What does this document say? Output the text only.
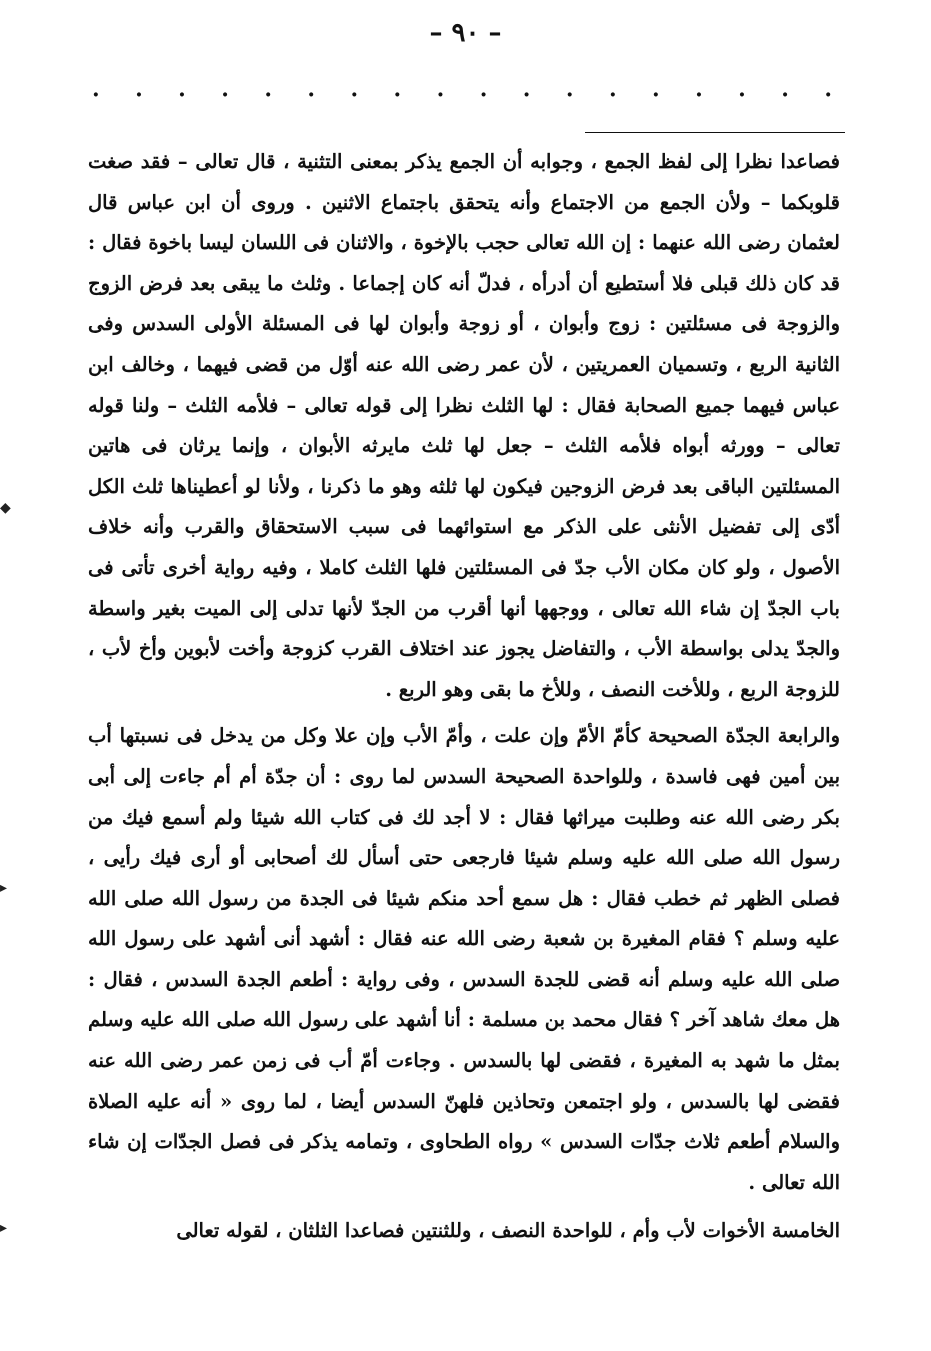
– ٩٠ –
· · · · · · · · · · · · · · · · · ·

فصاعدا نظرا إلى لفظ الجمع ، وجوابه أن الجمع يذكر بمعنى التثنية ، قال تعالى – فقد صغت قلوبكما – ولأن الجمع من الاجتماع وأنه يتحقق باجتماع الاثنين . وروى أن ابن عباس قال لعثمان رضى الله عنهما : إن الله تعالى حجب بالإخوة ، والاثنان فى اللسان ليسا باخوة فقال : قد كان ذلك قبلى فلا أستطيع أن أدرأه ، فدلّ أنه كان إجماعا . وثلث ما يبقى بعد فرض الزوج والزوجة فى مسئلتين : زوج وأبوان ، أو زوجة وأبوان لها فى المسئلة الأولى السدس وفى الثانية الربع ، وتسميان العمريتين ، لأن عمر رضى الله عنه أوّل من قضى فيهما ، وخالف ابن عباس فيهما جميع الصحابة فقال : لها الثلث نظرا إلى قوله تعالى – فلأمه الثلث – ولنا قوله تعالى – وورثه أبواه فلأمه الثلث – جعل لها ثلث مايرثه الأبوان ، وإنما يرثان فى هاتين المسئلتين الباقى بعد فرض الزوجين فيكون لها ثلثه وهو ما ذكرنا ، ولأنا لو أعطيناها ثلث الكل أدّى إلى تفضيل الأنثى على الذكر مع استوائهما فى سبب الاستحقاق والقرب وأنه خلاف الأصول ، ولو كان مكان الأب جدّ فى المسئلتين فلها الثلث كاملا ، وفيه رواية أخرى تأتى فى باب الجدّ إن شاء الله تعالى ، ووجهها أنها أقرب من الجدّ لأنها تدلى إلى الميت بغير واسطة والجدّ يدلى بواسطة الأب ، والتفاضل يجوز عند اختلاف القرب كزوجة وأخت لأبوين وأخ لأب ، للزوجة الربع ، وللأخت النصف ، وللأخ ما بقى وهو الربع .

والرابعة الجدّة الصحيحة كأمّ الأمّ وإن علت ، وأمّ الأب وإن علا وكل من يدخل فى نسبتها أب بين أمين فهى فاسدة ، وللواحدة الصحيحة السدس لما روى : أن جدّة أم أم جاءت إلى أبى بكر رضى الله عنه وطلبت ميراثها فقال : لا أجد لك فى كتاب الله شيئا ولم أسمع فيك من رسول الله صلى الله عليه وسلم شيئا فارجعى حتى أسأل لك أصحابى أو أرى فيك رأيى ، فصلى الظهر ثم خطب فقال : هل سمع أحد منكم شيئا فى الجدة من رسول الله صلى الله عليه وسلم ؟ فقام المغيرة بن شعبة رضى الله عنه فقال : أشهد أنى أشهد على رسول الله صلى الله عليه وسلم أنه قضى للجدة السدس ، وفى رواية : أطعم الجدة السدس ، فقال : هل معك شاهد آخر ؟ فقال محمد بن مسلمة : أنا أشهد على رسول الله صلى الله عليه وسلم بمثل ما شهد به المغيرة ، فقضى لها بالسدس . وجاءت أمّ أب فى زمن عمر رضى الله عنه فقضى لها بالسدس ، ولو اجتمعن وتحاذين فلهنّ السدس أيضا ، لما روى « أنه عليه الصلاة والسلام أطعم ثلاث جدّات السدس » رواه الطحاوى ، وتمامه يذكر فى فصل الجدّات إن شاء الله تعالى .

الخامسة الأخوات لأب وأم ، للواحدة النصف ، وللثنتين فصاعدا الثلثان ، لقوله تعالى

◆
▸
▸
